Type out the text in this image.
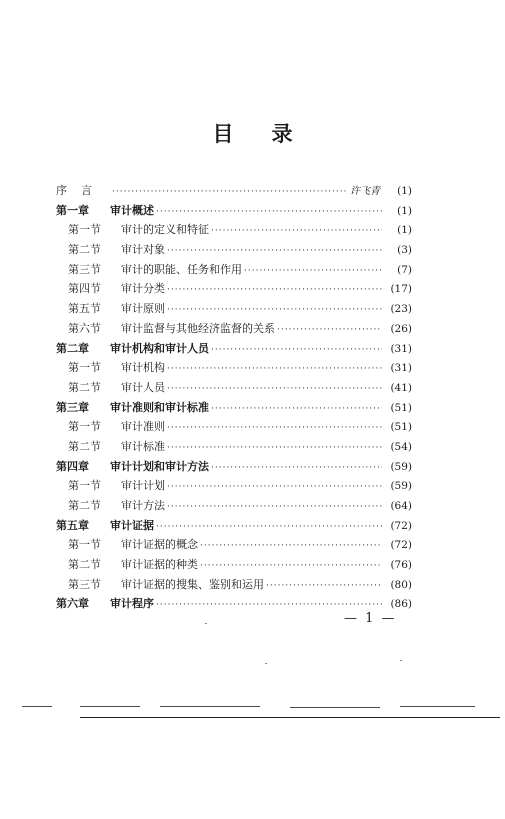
目录
序言 ·····	许飞青	(1)
第一章	审计概述 ·····	(1)
第一节	审计的定义和特征 ·····	(1)
第二节	审计对象 ·····	(3)
第三节	审计的职能、任务和作用 ·····	(7)
第四节	审计分类 ·····	(17)
第五节	审计原则 ·····	(23)
第六节	审计监督与其他经济监督的关系 ·····	(26)
第二章	审计机构和审计人员 ·····	(31)
第一节	审计机构 ·····	(31)
第二节	审计人员 ·····	(41)
第三章	审计准则和审计标准 ·····	(51)
第一节	审计准则 ·····	(51)
第二节	审计标准 ·····	(54)
第四章	审计计划和审计方法 ·····	(59)
第一节	审计计划 ·····	(59)
第二节	审计方法 ·····	(64)
第五章	审计证据 ·····	(72)
第一节	审计证据的概念 ·····	(72)
第二节	审计证据的种类 ·····	(76)
第三节	审计证据的搜集、鉴别和运用 ·····	(80)
第六章	审计程序 ·····	(86)
— 1 —
